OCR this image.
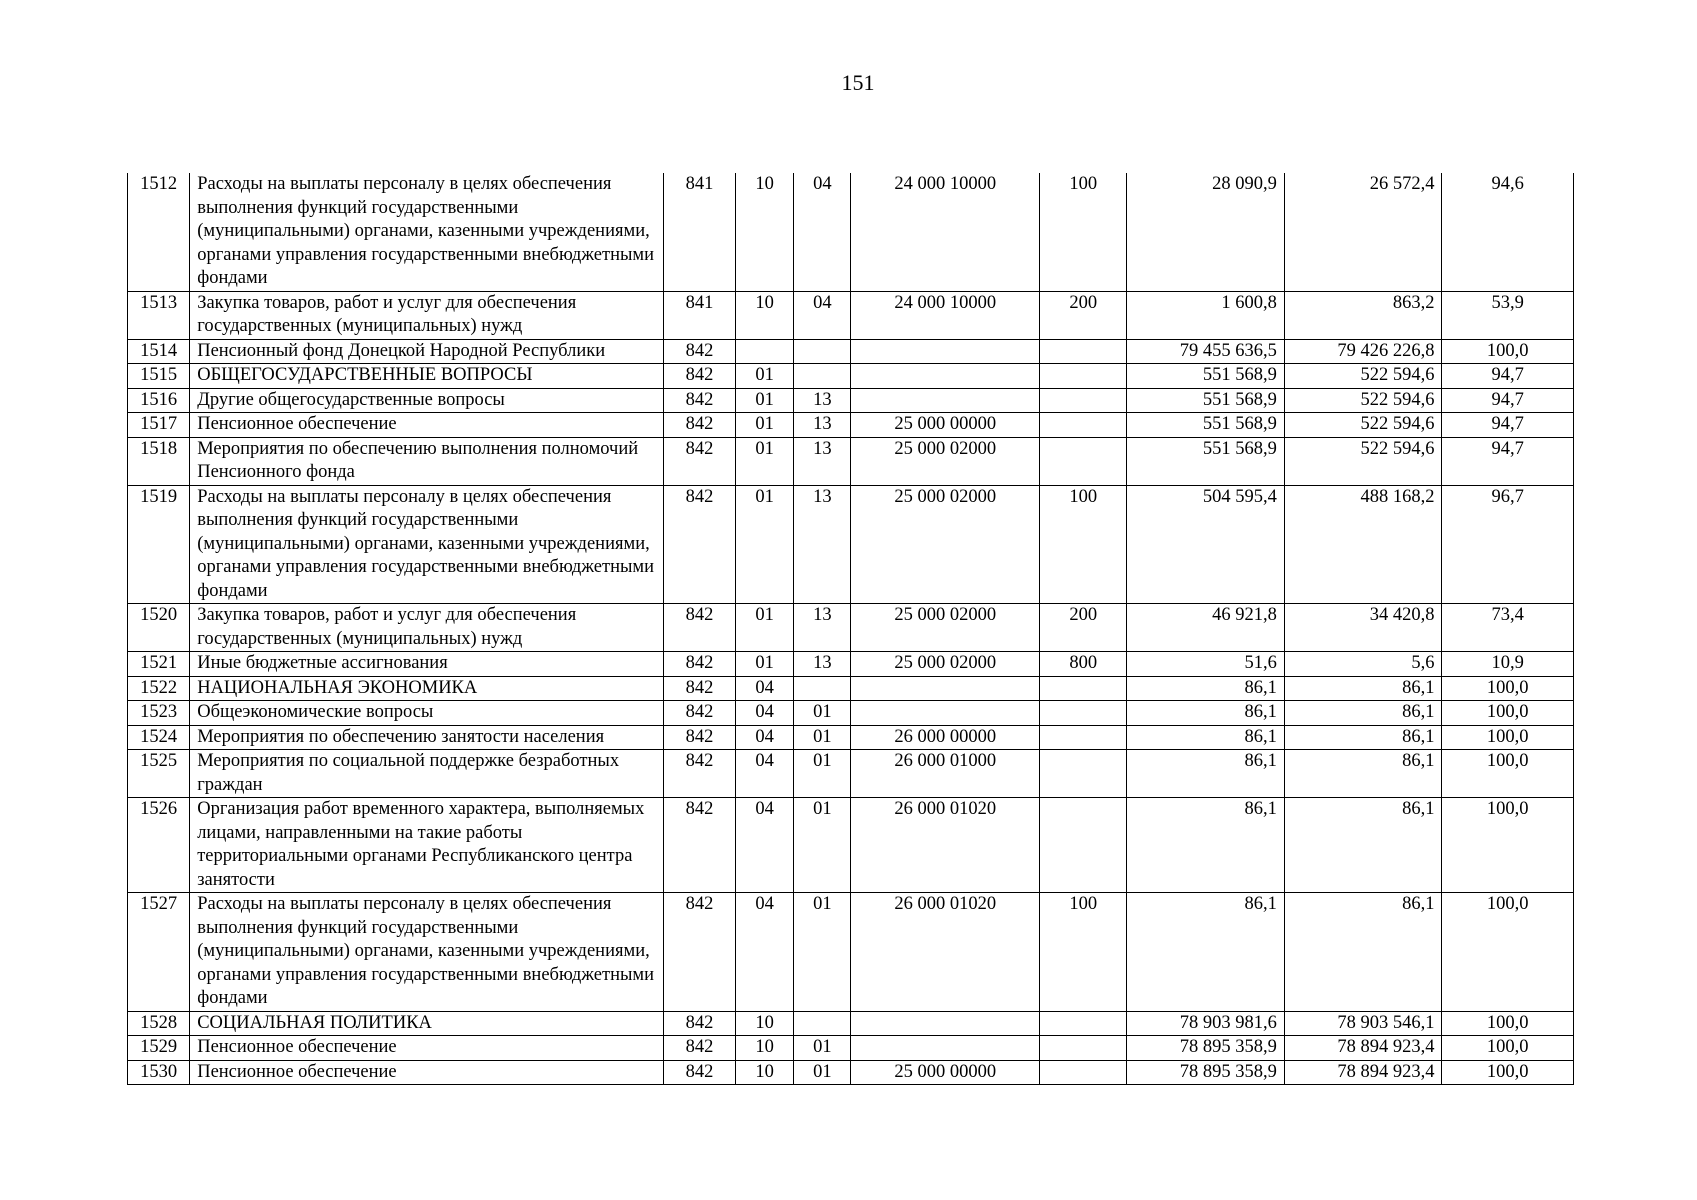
151
1512	Расходы на выплаты персоналу в целях обеспечения выполнения функций государственными (муниципальными) органами, казенными учреждениями, органами управления государственными внебюджетными фондами	841	10	04	24 000 10000	100	28 090,9	26 572,4	94,6
1513	Закупка товаров, работ и услуг для обеспечения государственных (муниципальных) нужд	841	10	04	24 000 10000	200	1 600,8	863,2	53,9
1514	Пенсионный фонд Донецкой Народной Республики	842					79 455 636,5	79 426 226,8	100,0
1515	ОБЩЕГОСУДАРСТВЕННЫЕ ВОПРОСЫ	842	01				551 568,9	522 594,6	94,7
1516	Другие общегосударственные вопросы	842	01	13			551 568,9	522 594,6	94,7
1517	Пенсионное обеспечение	842	01	13	25 000 00000		551 568,9	522 594,6	94,7
1518	Мероприятия по обеспечению выполнения полномочий Пенсионного фонда	842	01	13	25 000 02000		551 568,9	522 594,6	94,7
1519	Расходы на выплаты персоналу в целях обеспечения выполнения функций государственными (муниципальными) органами, казенными учреждениями, органами управления государственными внебюджетными фондами	842	01	13	25 000 02000	100	504 595,4	488 168,2	96,7
1520	Закупка товаров, работ и услуг для обеспечения государственных (муниципальных) нужд	842	01	13	25 000 02000	200	46 921,8	34 420,8	73,4
1521	Иные бюджетные ассигнования	842	01	13	25 000 02000	800	51,6	5,6	10,9
1522	НАЦИОНАЛЬНАЯ ЭКОНОМИКА	842	04				86,1	86,1	100,0
1523	Общеэкономические вопросы	842	04	01			86,1	86,1	100,0
1524	Мероприятия по обеспечению занятости населения	842	04	01	26 000 00000		86,1	86,1	100,0
1525	Мероприятия по социальной поддержке безработных граждан	842	04	01	26 000 01000		86,1	86,1	100,0
1526	Организация работ временного характера, выполняемых лицами, направленными на такие работы территориальными органами Республиканского центра занятости	842	04	01	26 000 01020		86,1	86,1	100,0
1527	Расходы на выплаты персоналу в целях обеспечения выполнения функций государственными (муниципальными) органами, казенными учреждениями, органами управления государственными внебюджетными фондами	842	04	01	26 000 01020	100	86,1	86,1	100,0
1528	СОЦИАЛЬНАЯ ПОЛИТИКА	842	10				78 903 981,6	78 903 546,1	100,0
1529	Пенсионное обеспечение	842	10	01			78 895 358,9	78 894 923,4	100,0
1530	Пенсионное обеспечение	842	10	01	25 000 00000		78 895 358,9	78 894 923,4	100,0
